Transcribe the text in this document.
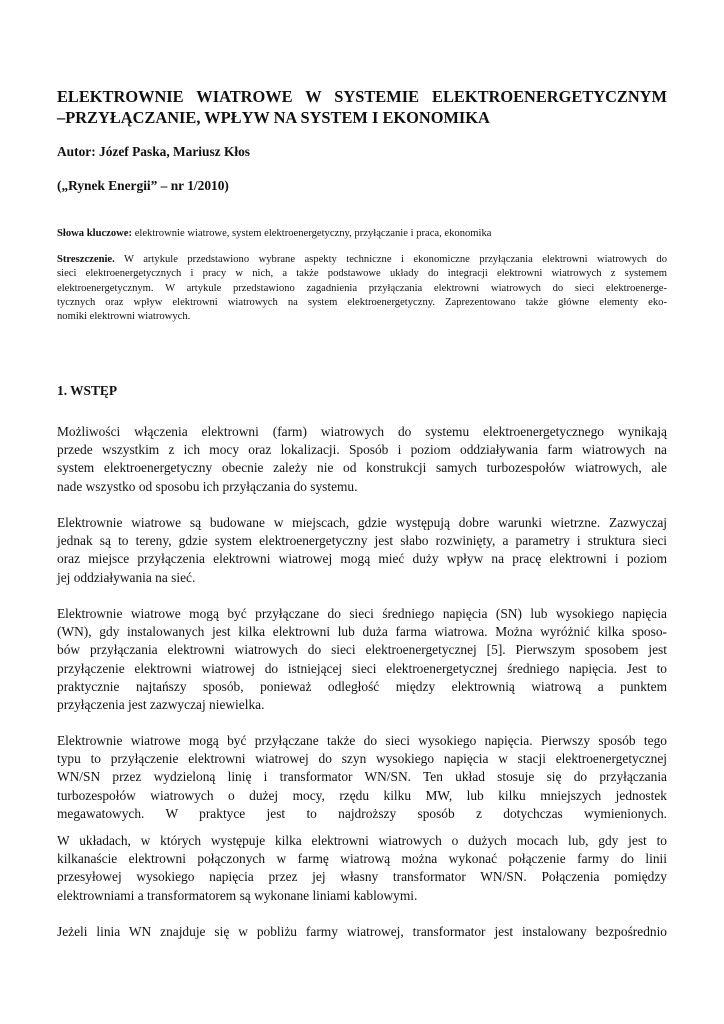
ELEKTROWNIE WIATROWE W SYSTEMIE ELEKTROENERGETYCZNYM
–PRZYŁĄCZANIE, WPŁYW NA SYSTEM I EKONOMIKA

Autor: Józef Paska, Mariusz Kłos

(„Rynek Energii” – nr 1/2010)

Słowa kluczowe: elektrownie wiatrowe, system elektroenergetyczny, przyłączanie i praca, ekonomika

Streszczenie. W artykule przedstawiono wybrane aspekty techniczne i ekonomiczne przyłączania elektrowni wiatrowych do
sieci elektroenergetycznych i pracy w nich, a także podstawowe układy do integracji elektrowni wiatrowych z systemem
elektroenergetycznym. W artykule przedstawiono zagadnienia przyłączania elektrowni wiatrowych do sieci elektroenerge-
tycznych oraz wpływ elektrowni wiatrowych na system elektroenergetyczny. Zaprezentowano także główne elementy eko-
nomiki elektrowni wiatrowych.
1. WSTĘP
Możliwości włączenia elektrowni (farm) wiatrowych do systemu elektroenergetycznego wynikają
przede wszystkim z ich mocy oraz lokalizacji. Sposób i poziom oddziaływania farm wiatrowych na
system elektroenergetyczny obecnie zależy nie od konstrukcji samych turbozespołów wiatrowych, ale
nade wszystko od sposobu ich przyłączania do systemu.
Elektrownie wiatrowe są budowane w miejscach, gdzie występują dobre warunki wietrzne. Zazwyczaj
jednak są to tereny, gdzie system elektroenergetyczny jest słabo rozwinięty, a parametry i struktura sieci
oraz miejsce przyłączenia elektrowni wiatrowej mogą mieć duży wpływ na pracę elektrowni i poziom
jej oddziaływania na sieć.
Elektrownie wiatrowe mogą być przyłączane do sieci średniego napięcia (SN) lub wysokiego napięcia
(WN), gdy instalowanych jest kilka elektrowni lub duża farma wiatrowa. Można wyróżnić kilka sposo-
bów przyłączania elektrowni wiatrowych do sieci elektroenergetycznej [5]. Pierwszym sposobem jest
przyłączenie elektrowni wiatrowej do istniejącej sieci elektroenergetycznej średniego napięcia. Jest to
praktycznie najtańszy sposób, ponieważ odległość między elektrownią wiatrową a punktem
przyłączenia jest zazwyczaj niewielka.
Elektrownie wiatrowe mogą być przyłączane także do sieci wysokiego napięcia. Pierwszy sposób tego
typu to przyłączenie elektrowni wiatrowej do szyn wysokiego napięcia w stacji elektroenergetycznej
WN/SN przez wydzieloną linię i transformator WN/SN. Ten układ stosuje się do przyłączania
turbozespołów wiatrowych o dużej mocy, rzędu kilku MW, lub kilku mniejszych jednostek
megawatowych. W praktyce jest to najdroższy sposób z dotychczas wymienionych.
W układach, w których występuje kilka elektrowni wiatrowych o dużych mocach lub, gdy jest to
kilkanaście elektrowni połączonych w farmę wiatrową można wykonać połączenie farmy do linii
przesyłowej wysokiego napięcia przez jej własny transformator WN/SN. Połączenia pomiędzy
elektrowniami a transformatorem są wykonane liniami kablowymi.
Jeżeli linia WN znajduje się w pobliżu farmy wiatrowej, transformator jest instalowany bezpośrednio
